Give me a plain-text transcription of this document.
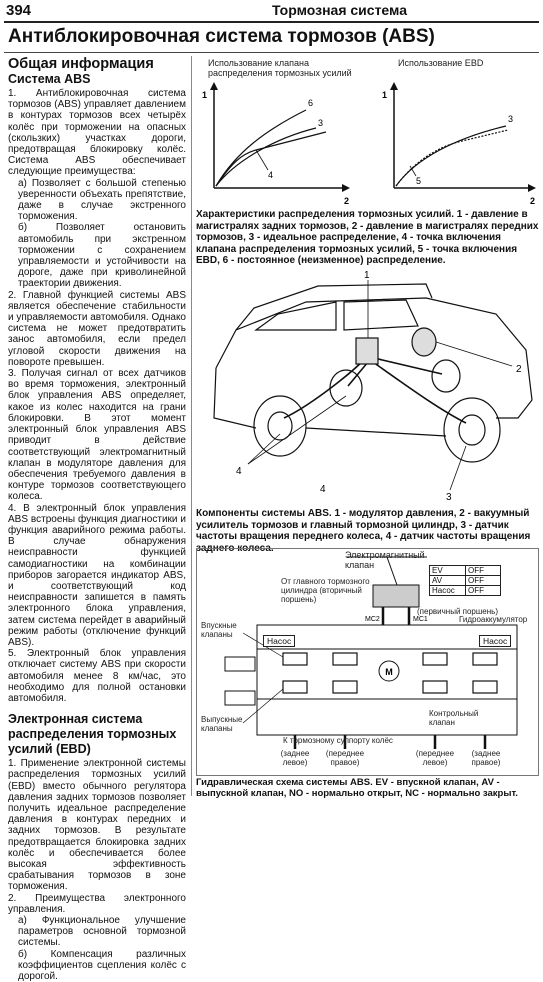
394	Тормозная система
Антиблокировочная система тормозов (ABS)
Общая информация
Система ABS

1. Антиблокировочная система тормозов (ABS) управляет давлением в контурах тормозов всех четырёх колёс при торможении на опасных (скользких) участках дороги, предотвращая блокировку колёс. Система ABS обеспечивает следующие преимущества:

а) Позволяет с большой степенью уверенности объехать препятствие, даже в случае экстренного торможения.

б) Позволяет остановить автомобиль при экстренном торможении с сохранением управляемости и устойчивости на дороге, даже при криволинейной траектории движения.

2. Главной функцией системы ABS является обеспечение стабильности и управляемости автомобиля. Однако система не может предотвратить занос автомобиля, если предел угловой скорости движения на повороте превышен.

3. Получая сигнал от всех датчиков во время торможения, электронный блок управления ABS определяет, какое из колес находится на грани блокировки. В этот момент электронный блок управления ABS приводит в действие соответствующий электромагнитный клапан в модуляторе давления для обеспечения требуемого давления в контуре тормозов соответствующего колеса.

4. В электронный блок управления ABS встроены функция диагностики и функция аварийного режима работы. В случае обнаружения неисправности функцией самодиагностики на комбинации приборов загорается индикатор ABS, и соответствующий код неисправности запишется в память электронного блока управления, затем система перейдет в аварийный режим работы (отключение функций ABS).

5. Электронный блок управления отключает систему ABS при скорости автомобиля менее 8 км/час, это необходимо для полной остановки автомобиля.

Электронная система распределения тормозных усилий (EBD)

1. Применение электронной системы распределения тормозных усилий (EBD) вместо обычного регулятора давления задних тормозов позволяет получить идеальное распределение давления в контурах передних и задних тормозов. В результате предотвращается блокировка задних колёс и обеспечивается более высокая эффективность срабатывания тормозов в зоне торможения.

2. Преимущества электронного управления.

а) Функциональное улучшение параметров основной тормозной системы.

б) Компенсация различных коэффициентов сцепления колёс с дорогой.

Использование клапана распределения тормозных усилий
Использование EBD
1
2
6
3
4
1
2
3
5
Характеристики распределения тормозных усилий. 1 - давление в магистралях задних тормозов, 2 - давление в магистралях передних тормозов, 3 - идеальное распределение, 4 - точка включения клапана распределения тормозных усилий, 5 - точка включения EBD, 6 - постоянное (неизменное) распределение.
1
2
3
4
4
Компоненты системы ABS. 1 - модулятор давления, 2 - вакуумный усилитель тормозов и главный тормозной цилиндр, 3 - датчик частоты вращения переднего колеса, 4 - датчик частоты вращения заднего колеса.
M
MC2	MC1
Электромагнитный клапан
EV	OFF
AV	OFF
Насос	OFF
От главного тормозного цилиндра (вторичный поршень)
(первичный поршень)
Впускные клапаны
Выпускные клапаны
Насос	Насос
Гидроаккумулятор
Контрольный клапан
К тормозному суппорту колёс
(заднее левое)
(переднее правое)
(переднее левое)
(заднее правое)
Гидравлическая схема системы ABS. EV - впускной клапан, AV - выпускной клапан, NO - нормально открыт, NC - нормально закрыт.
